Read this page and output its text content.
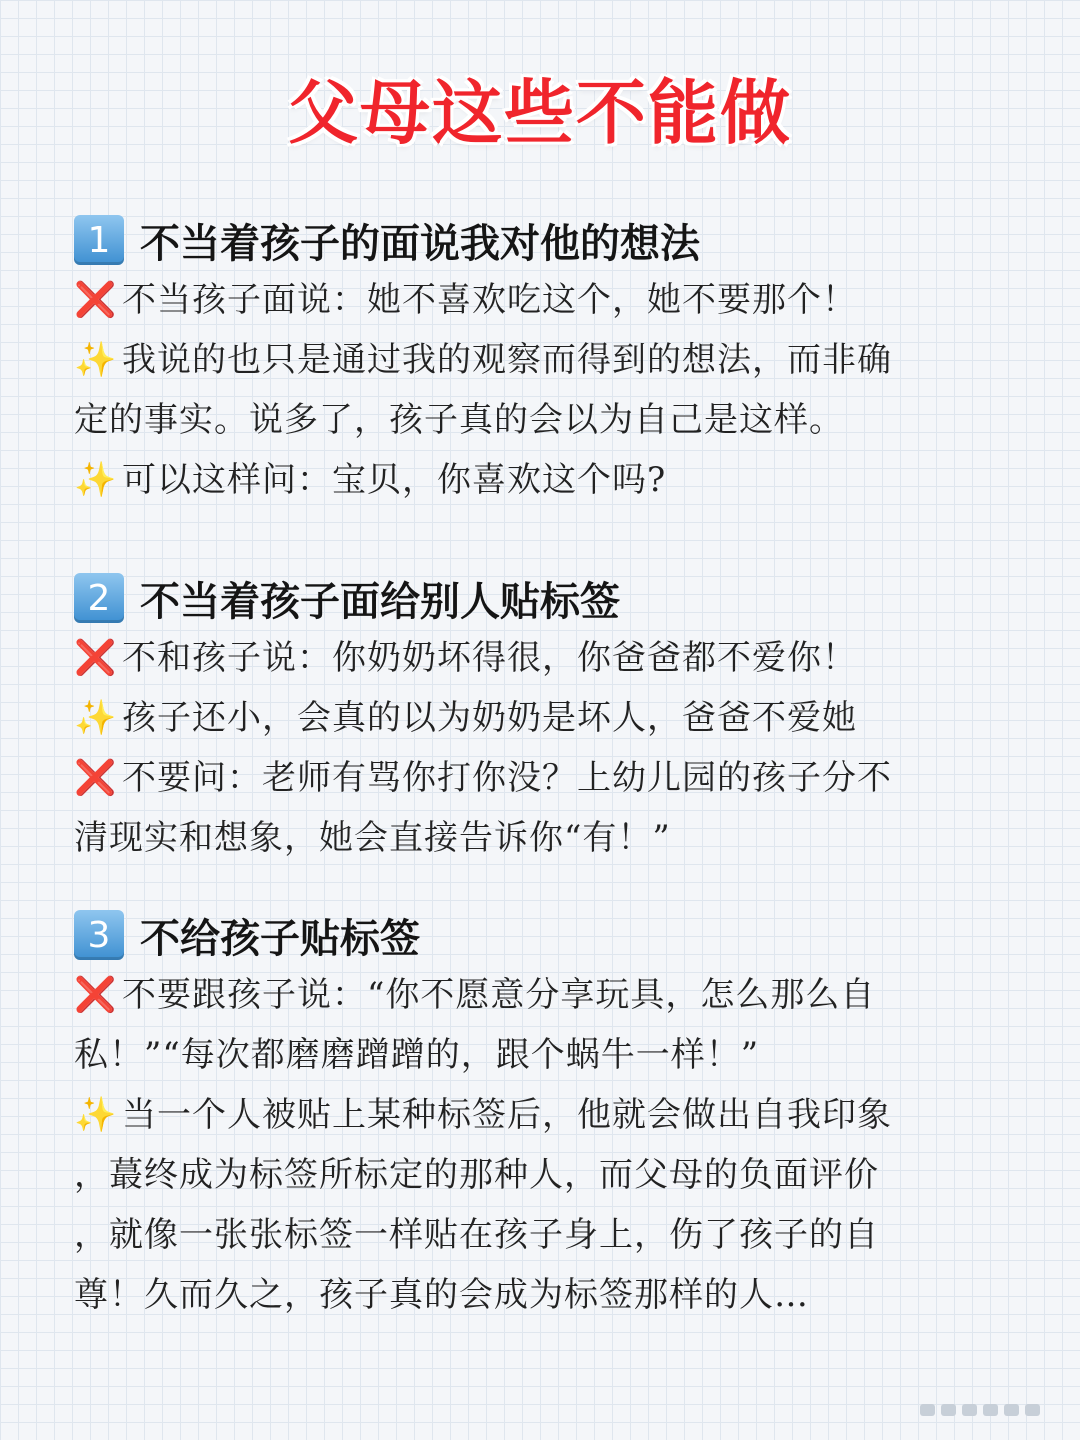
父母这些不能做
1 不当着孩子的面说我对他的想法
❌ 不当孩子面说：她不喜欢吃这个，她不要那个！
✨ 我说的也只是通过我的观察而得到的想法，而非确
定的事实。说多了，孩子真的会以为自己是这样。
✨ 可以这样问：宝贝，你喜欢这个吗?
2 不当着孩子面给别人贴标签
❌ 不和孩子说：你奶奶坏得很，你爸爸都不爱你！
✨ 孩子还小，会真的以为奶奶是坏人，爸爸不爱她
❌ 不要问：老师有骂你打你没？上幼儿园的孩子分不
清现实和想象，她会直接告诉你“有！”
3 不给孩子贴标签
❌ 不要跟孩子说：“你不愿意分享玩具，怎么那么自
私！”“每次都磨磨蹭蹭的，跟个蜗牛一样！”
✨ 当一个人被贴上某种标签后，他就会做出自我印象
，蕞终成为标签所标定的那种人，而父母的负面评价
，就像一张张标签一样贴在孩子身上，伤了孩子的自
尊！久而久之，孩子真的会成为标签那样的人…
